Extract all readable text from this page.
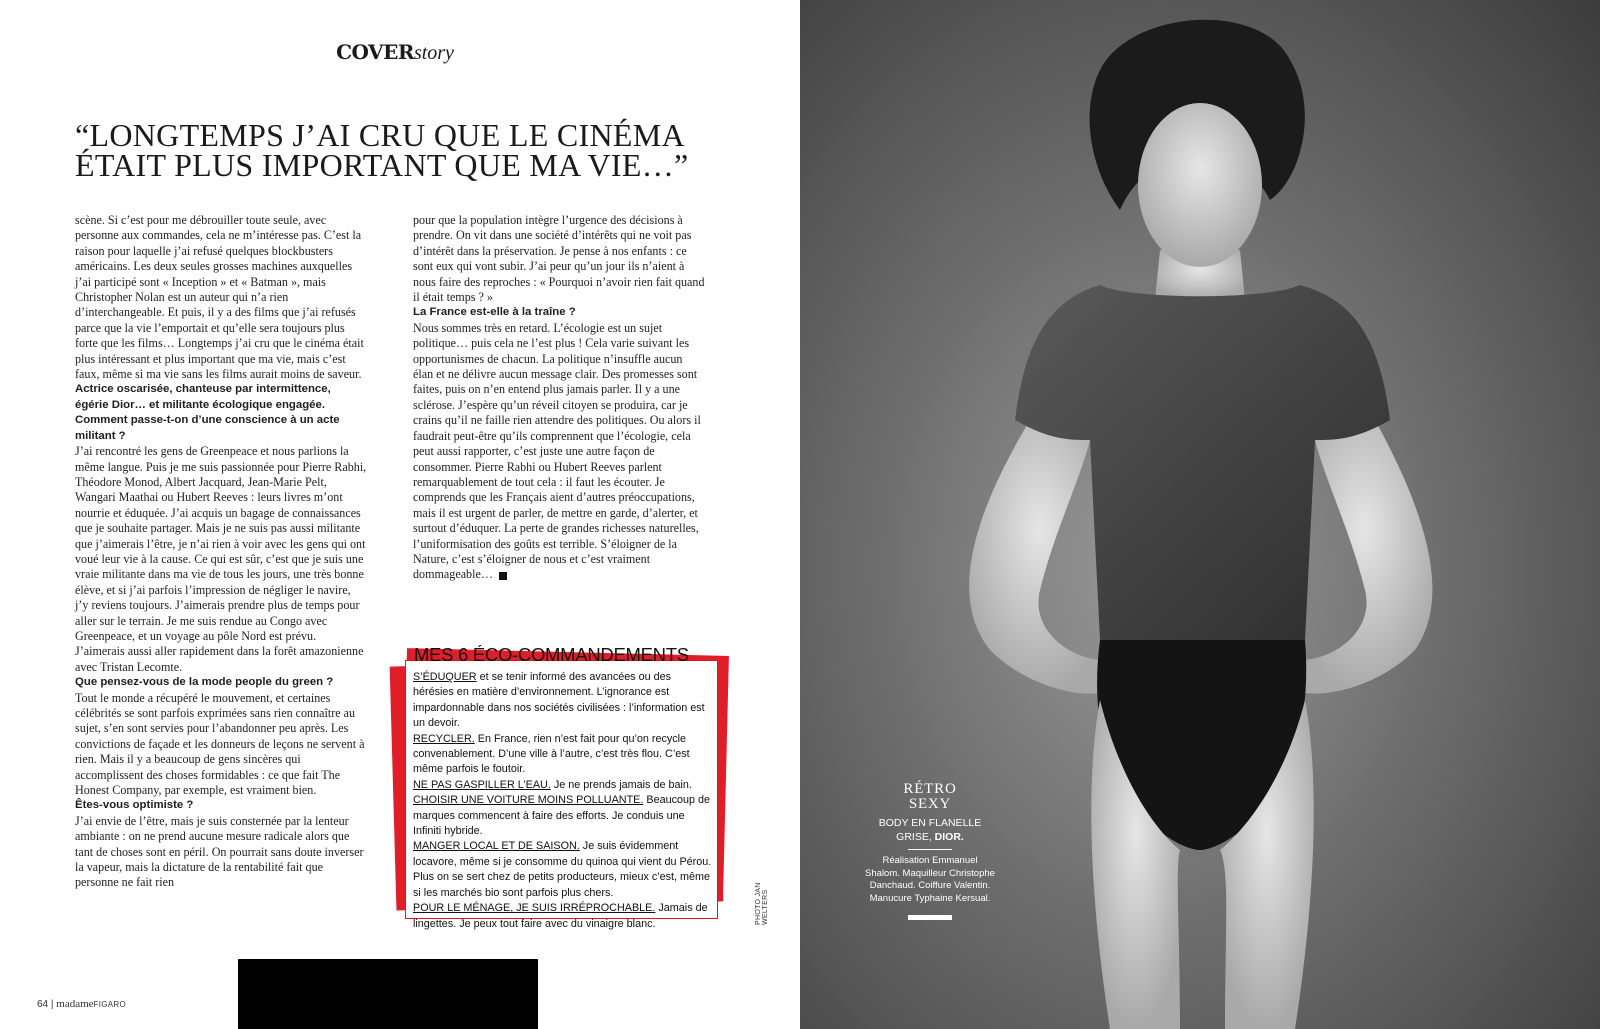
COVERstory
“LONGTEMPS J’AI CRU QUE LE CINÉMA ÉTAIT PLUS IMPORTANT QUE MA VIE…”

scène. Si c’est pour me débrouiller toute seule, avec personne aux commandes, cela ne m’intéresse pas. C’est la raison pour laquelle j’ai refusé quelques blockbusters américains. Les deux seules grosses machines auxquelles j’ai participé sont « Inception » et « Batman », mais Christopher Nolan est un auteur qui n’a rien d’interchangeable. Et puis, il y a des films que j’ai refusés parce que la vie l’emportait et qu’elle sera toujours plus forte que les films… Longtemps j’ai cru que le cinéma était plus intéressant et plus important que ma vie, mais c’est faux, même si ma vie sans les films aurait moins de saveur.

Actrice oscarisée, chanteuse par intermittence, égérie Dior… et militante écologique engagée. Comment passe-t-on d’une conscience à un acte militant ?

J’ai rencontré les gens de Greenpeace et nous parlions la même langue. Puis je me suis passionnée pour Pierre Rabhi, Théodore Monod, Albert Jacquard, Jean-Marie Pelt, Wangari Maathai ou Hubert Reeves : leurs livres m’ont nourrie et éduquée. J’ai acquis un bagage de connaissances que je souhaite partager. Mais je ne suis pas aussi militante que j’aimerais l’être, je n’ai rien à voir avec les gens qui ont voué leur vie à la cause. Ce qui est sûr, c’est que je suis une vraie militante dans ma vie de tous les jours, une très bonne élève, et si j’ai parfois l’impression de négliger le navire, j’y reviens toujours. J’aimerais prendre plus de temps pour aller sur le terrain. Je me suis rendue au Congo avec Greenpeace, et un voyage au pôle Nord est prévu. J’aimerais aussi aller rapidement dans la forêt amazonienne avec Tristan Lecomte.

Que pensez-vous de la mode people du green ?

Tout le monde a récupéré le mouvement, et certaines célébrités se sont parfois exprimées sans rien connaître au sujet, s’en sont servies pour l’abandonner peu après. Les convictions de façade et les donneurs de leçons ne servent à rien. Mais il y a beaucoup de gens sincères qui accomplissent des choses formidables : ce que fait The Honest Company, par exemple, est vraiment bien.

Êtes-vous optimiste ?

J’ai envie de l’être, mais je suis consternée par la lenteur ambiante : on ne prend aucune mesure radicale alors que tant de choses sont en péril. On pourrait sans doute inverser la vapeur, mais la dictature de la rentabilité fait que personne ne fait rien

pour que la population intègre l’urgence des décisions à prendre. On vit dans une société d’intérêts qui ne voit pas d’intérêt dans la préservation. Je pense à nos enfants : ce sont eux qui vont subir. J’ai peur qu’un jour ils n’aient à nous faire des reproches : « Pourquoi n’avoir rien fait quand il était temps ? »

La France est-elle à la traîne ?

Nous sommes très en retard. L’écologie est un sujet politique… puis cela ne l’est plus ! Cela varie suivant les opportunismes de chacun. La politique n’insuffle aucun élan et ne délivre aucun message clair. Des promesses sont faites, puis on n’en entend plus jamais parler. Il y a une sclérose. J’espère qu’un réveil citoyen se produira, car je crains qu’il ne faille rien attendre des politiques. Ou alors il faudrait peut-être qu’ils comprennent que l’écologie, cela peut aussi rapporter, c’est juste une autre façon de consommer. Pierre Rabhi ou Hubert Reeves parlent remarquablement de tout cela : il faut les écouter. Je comprends que les Français aient d’autres préoccupations, mais il est urgent de parler, de mettre en garde, d’alerter, et surtout d’éduquer. La perte de grandes richesses naturelles, l’uniformisation des goûts est terrible. S’éloigner de la Nature, c’est s’éloigner de nous et c’est vraiment dommageable…

MES 6 ÉCO-COMMANDEMENTS

S’ÉDUQUER et se tenir informé des avancées ou des hérésies en matière d’environnement. L’ignorance est impardonnable dans nos sociétés civilisées : l’information est un devoir.

RECYCLER. En France, rien n’est fait pour qu’on recycle convenablement. D’une ville à l’autre, c’est très flou. C’est même parfois le foutoir.

NE PAS GASPILLER L’EAU. Je ne prends jamais de bain.

CHOISIR UNE VOITURE MOINS POLLUANTE. Beaucoup de marques commencent à faire des efforts. Je conduis une Infiniti hybride.

MANGER LOCAL ET DE SAISON. Je suis évidemment locavore, même si je consomme du quinoa qui vient du Pérou. Plus on se sert chez de petits producteurs, mieux c’est, même si les marchés bio sont parfois plus chers.

POUR LE MÉNAGE, JE SUIS IRRÉPROCHABLE. Jamais de lingettes. Je peux tout faire avec du vinaigre blanc.	PHOTO JAN WELTERS
64 | madameFIGARO
RÉTRO
SEXY
BODY EN FLANELLE
GRISE, DIOR.
Réalisation Emmanuel Shalom. Maquilleur Christophe Danchaud. Coiffure Valentin. Manucure Typhaine Kersual.
